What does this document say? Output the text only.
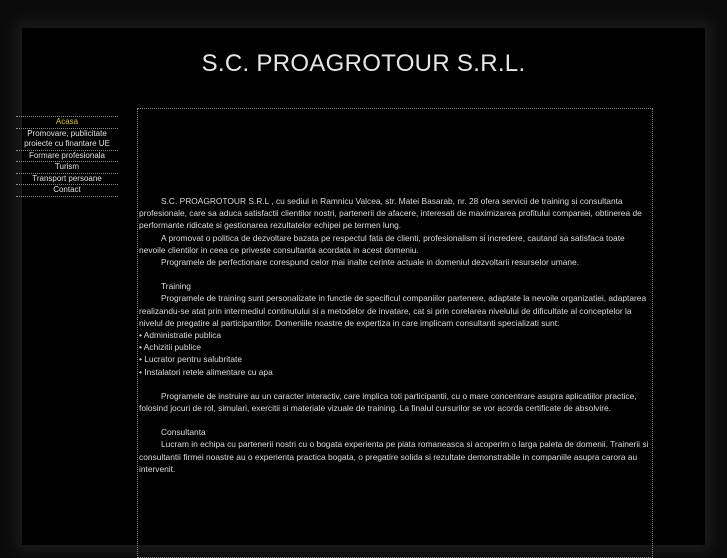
S.C. PROAGROTOUR S.R.L.
Acasa
Promovare, publicitate proiecte cu finantare UE
Formare profesionala
Turism
Transport persoane
Contact

S.C. PROAGROTOUR S.R.L , cu sediul in Ramnicu Valcea, str. Matei Basarab, nr. 28 ofera servicii de training si consultanta profesionale, care sa aduca satisfactii clientilor nostri, partenerii de afacere, interesati de maximizarea profitului companiei, obtinerea de performante ridicate si gestionarea rezultatelor echipei pe termen lung.

A promovat o politica de dezvoltare bazata pe respectul fata de clienti, profesionalism si incredere, cautand sa satisfaca toate nevoile clientilor in ceea ce priveste consultanta acordata in acest domeniu.

Programele de perfectionare corespund celor mai inalte cerinte actuale in domeniul dezvoltarii resurselor umane.

Training

Programele de training sunt personalizate in functie de specificul companiilor partenere, adaptate la nevoile organizatiei, adaptarea realizandu-se atat prin intermediul continutului si a metodelor de invatare, cat si prin corelarea nivelului de dificultate al conceptelor la nivelul de pregatire al participantilor. Domeniile noastre de expertiza in care implicam consultanti specializati sunt:

• Administratie publica

• Achizitii publice

• Lucrator pentru salubritate

• Instalatori retele alimentare cu apa

Programele de instruire au un caracter interactiv, care implica toti participantii, cu o mare concentrare asupra aplicatiilor practice, folosind jocuri de rol, simulari, exercitii si materiale vizuale de training. La finalul cursurilor se vor acorda certificate de absolvire.

Consultanta

Lucram in echipa cu partenerii nostri cu o bogata experienta pe piata romaneasca si acoperim o larga paleta de domenii. Trainerii si consultantii firmei noastre au o experienta practica bogata, o pregatire solida si rezultate demonstrabile in companiile asupra carora au intervenit.
